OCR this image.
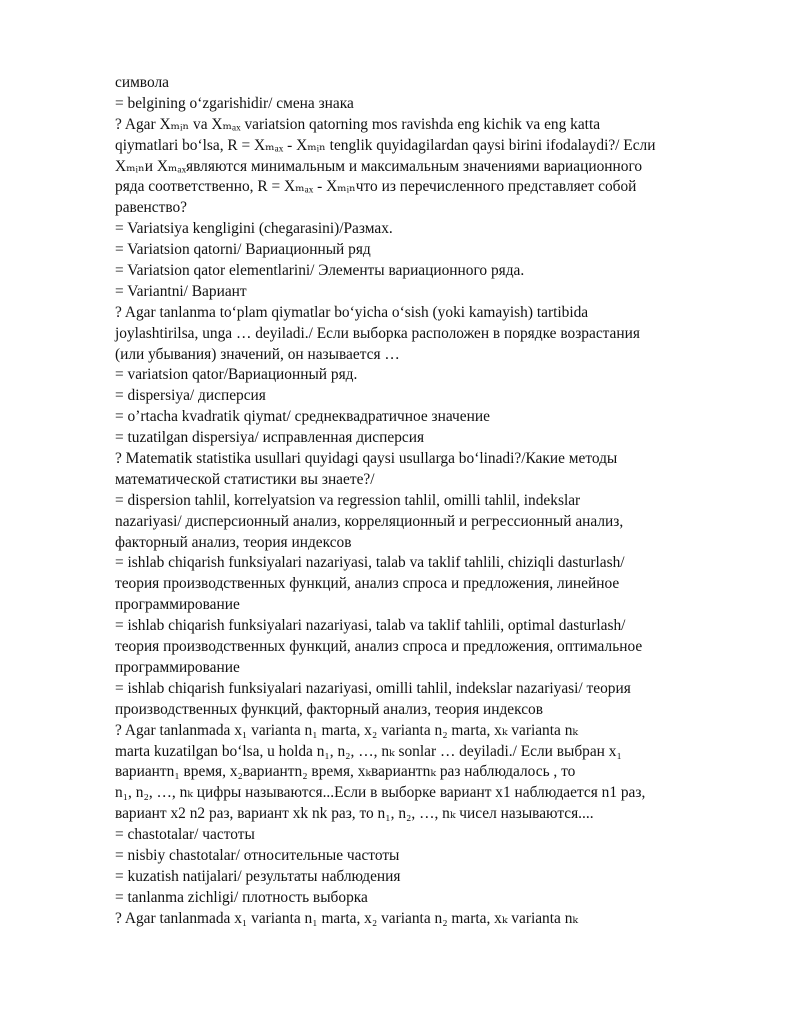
символа
= belgining o‘zgarishidir/ смена знака
? Agar Xₘᵢₙ va Xₘₐₓ variatsion qatorning mos ravishda eng kichik va eng katta
qiymatlari bo‘lsa, R = Xₘₐₓ - Xₘᵢₙ tenglik quyidagilardan qaysi birini ifodalaydi?/ Если
Xₘᵢₙи Xₘₐₓявляются минимальным и максимальным значениями вариационного
ряда соответственно, R = Xₘₐₓ - Xₘᵢₙчто из перечисленного представляет собой
равенство?
= Variatsiya kengligini (chegarasini)/Размах.
= Variatsion qatorni/ Вариационный ряд
= Variatsion qator elementlarini/ Элементы вариационного ряда.
= Variantni/ Вариант
? Agar tanlanma to‘plam qiymatlar bo‘yicha o‘sish (yoki kamayish) tartibida
joylashtirilsa, unga … deyiladi./ Если выборка расположен в порядке возрастания
(или убывания) значений, он называется …
= variatsion qator/Вариационный ряд.
= dispersiya/ дисперсия
= o’rtacha kvadratik qiymat/ среднеквадратичное значение
= tuzatilgan dispersiya/ исправленная дисперсия
? Matematik statistika usullari quyidagi qaysi usullarga bo‘linadi?/Какие методы
математической статистики вы знаете?/
= dispersion tahlil, korrelyatsion va regression tahlil, omilli tahlil, indekslar
nazariyasi/ дисперсионный анализ, корреляционный и регрессионный анализ,
факторный анализ, теория индексов
= ishlab chiqarish funksiyalari nazariyasi, talab va taklif tahlili, chiziqli dasturlash/
теория производственных функций, анализ спроса и предложения, линейное
программирование
= ishlab chiqarish funksiyalari nazariyasi, talab va taklif tahlili, optimal dasturlash/
теория производственных функций, анализ спроса и предложения, оптимальное
программирование
= ishlab chiqarish funksiyalari nazariyasi, omilli tahlil, indekslar nazariyasi/ теория
производственных функций, факторный анализ, теория индексов
? Agar tanlanmada x₁ varianta n₁ marta, x₂ varianta n₂ marta, xₖ varianta nₖ
marta kuzatilgan bo‘lsa, u holda n₁, n₂, …, nₖ sonlar … deyiladi./ Если выбран x₁
вариантn₁ время, x₂вариантn₂ время, xₖвариантnₖ раз наблюдалось , то
n₁, n₂, …, nₖ цифры называются...Если в выборке вариант x1 наблюдается n1 раз,
вариант x2 n2 раз, вариант xk nk раз, то n₁, n₂, …, nₖ чисел называются....
= chastotalar/ частоты
= nisbiy chastotalar/ относительные частоты
= kuzatish natijalari/ результаты наблюдения
= tanlanma zichligi/ плотность выборка
? Agar tanlanmada x₁ varianta n₁ marta, x₂ varianta n₂ marta, xₖ varianta nₖ
